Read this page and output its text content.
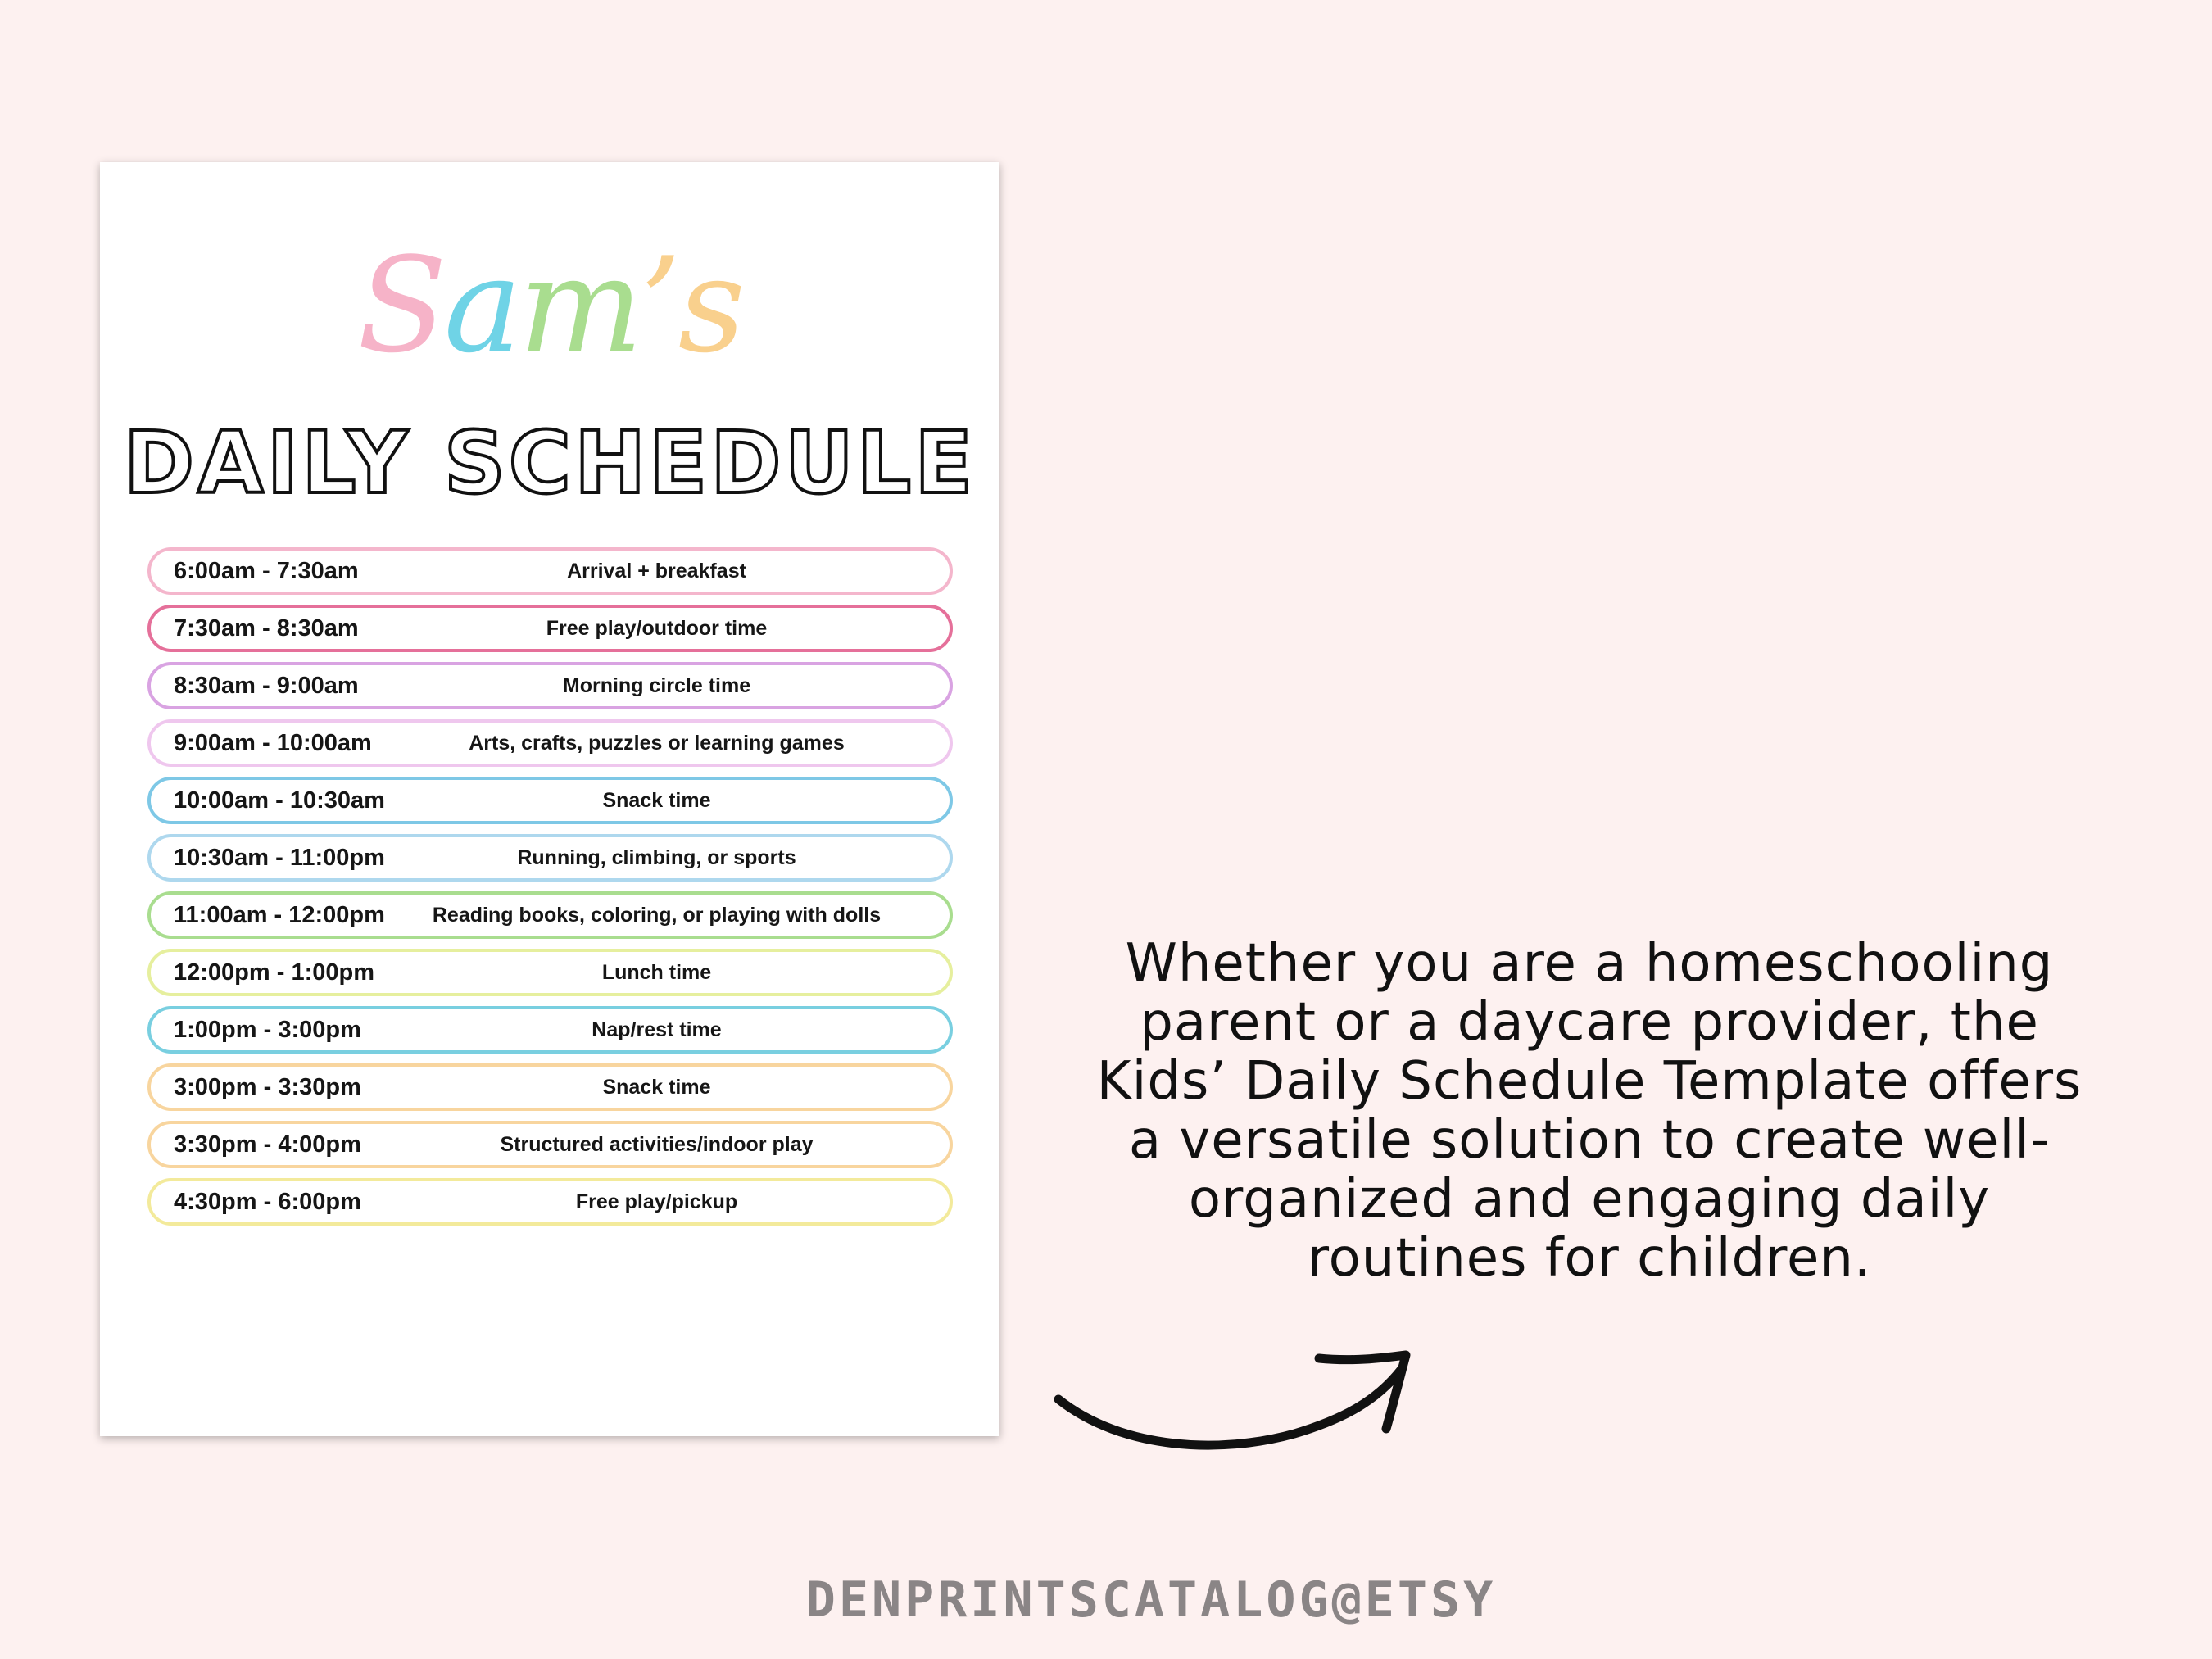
Sam’s
DAILY SCHEDULE
6:00am - 7:30am	Arrival + breakfast
7:30am - 8:30am	Free play/outdoor time
8:30am - 9:00am	Morning circle time
9:00am - 10:00am	Arts, crafts, puzzles or learning games
10:00am - 10:30am	Snack time
10:30am - 11:00pm	Running, climbing, or sports
11:00am - 12:00pm	Reading books, coloring, or playing with dolls
12:00pm - 1:00pm	Lunch time
1:00pm - 3:00pm	Nap/rest time
3:00pm - 3:30pm	Snack time
3:30pm - 4:00pm	Structured activities/indoor play
4:30pm - 6:00pm	Free play/pickup
Whether you are a homeschooling
parent or a daycare provider, the
Kids’ Daily Schedule Template offers
a versatile solution to create well-
organized and engaging daily
routines for children.
DENPRINTSCATALOG@ETSY
